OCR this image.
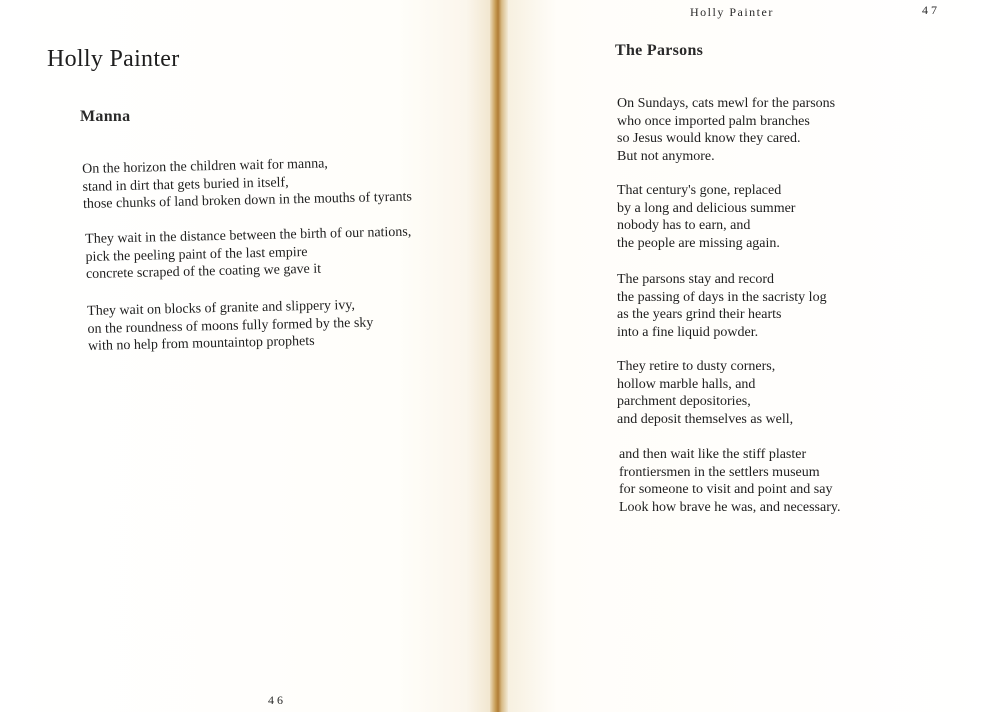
Holly Painter
Manna
On the horizon the children wait for manna,
stand in dirt that gets buried in itself,
those chunks of land broken down in the mouths of tyrants
They wait in the distance between the birth of our nations,
pick the peeling paint of the last empire
concrete scraped of the coating we gave it
They wait on blocks of granite and slippery ivy,
on the roundness of moons fully formed by the sky
with no help from mountaintop prophets
46
Holly Painter	47
The Parsons
On Sundays, cats mewl for the parsons
who once imported palm branches
so Jesus would know they cared.
But not anymore.
That century's gone, replaced
by a long and delicious summer
nobody has to earn, and
the people are missing again.
The parsons stay and record
the passing of days in the sacristy log
as the years grind their hearts
into a fine liquid powder.
They retire to dusty corners,
hollow marble halls, and
parchment depositories,
and deposit themselves as well,
and then wait like the stiff plaster
frontiersmen in the settlers museum
for someone to visit and point and say
Look how brave he was, and necessary.
